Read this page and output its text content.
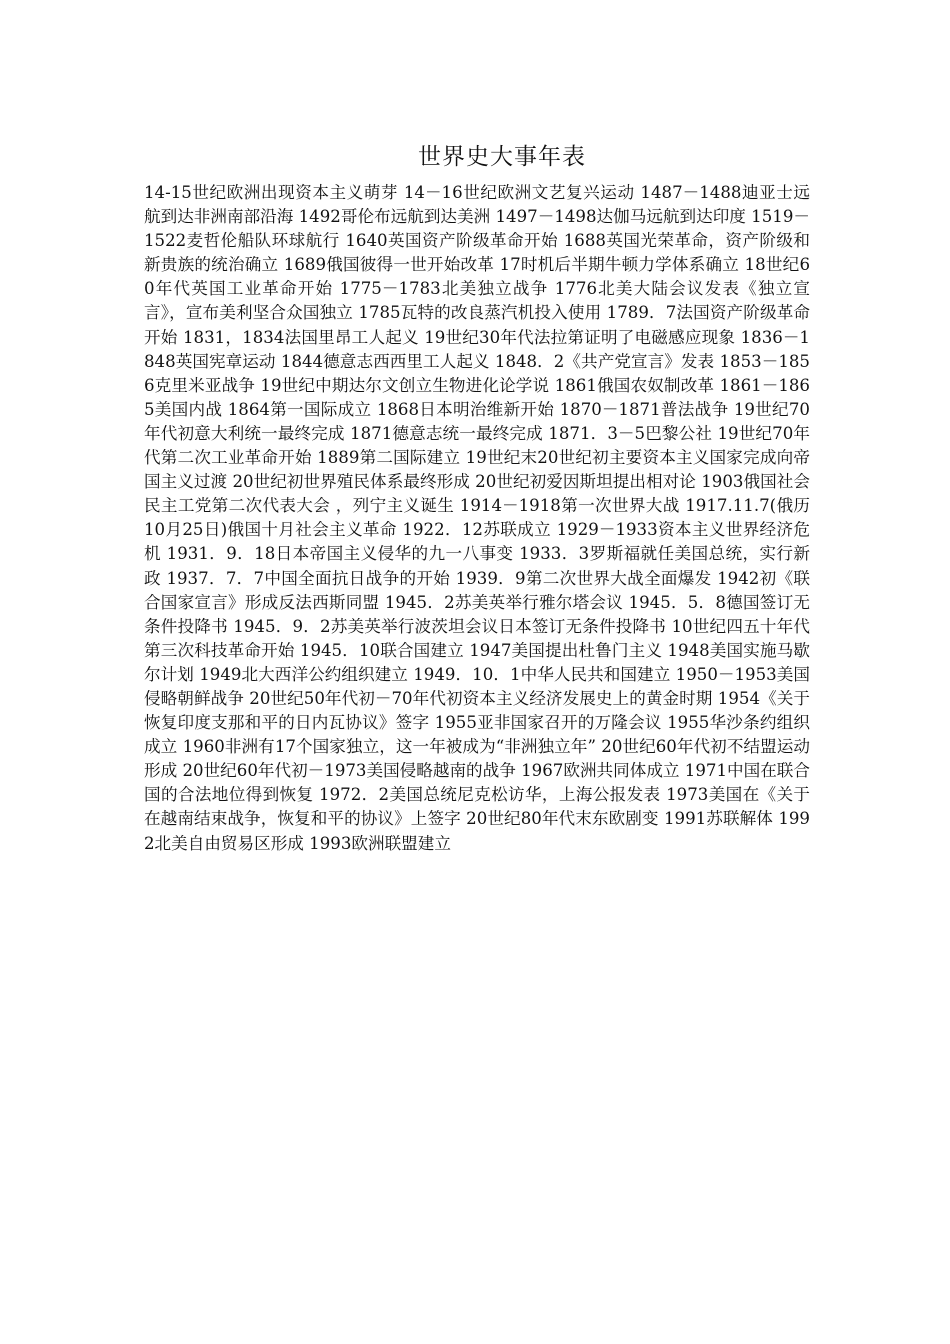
世界史大事年表

14-15世纪欧洲出现资本主义萌芽 14－16世纪欧洲文艺复兴运动 1487－1488迪亚士远航到达非洲南部沿海 1492哥伦布远航到达美洲 1497－1498达伽马远航到达印度 1519－1522麦哲伦船队环球航行 1640英国资产阶级革命开始 1688英国光荣革命，资产阶级和新贵族的统治确立 1689俄国彼得一世开始改革 17时机后半期牛顿力学体系确立 18世纪60年代英国工业革命开始 1775－1783北美独立战争 1776北美大陆会议发表《独立宣言》，宣布美利坚合众国独立 1785瓦特的改良蒸汽机投入使用 1789．7法国资产阶级革命开始 1831，1834法国里昂工人起义 19世纪30年代法拉第证明了电磁感应现象 1836－1848英国宪章运动 1844德意志西西里工人起义 1848．2《共产党宣言》发表 1853－1856克里米亚战争 19世纪中期达尔文创立生物进化论学说 1861俄国农奴制改革 1861－1865美国内战 1864第一国际成立 1868日本明治维新开始 1870－1871普法战争 19世纪70年代初意大利统一最终完成 1871德意志统一最终完成 1871．3－5巴黎公社 19世纪70年代第二次工业革命开始 1889第二国际建立 19世纪末20世纪初主要资本主义国家完成向帝国主义过渡 20世纪初世界殖民体系最终形成 20世纪初爱因斯坦提出相对论 1903俄国社会民主工党第二次代表大会 ，列宁主义诞生 1914－1918第一次世界大战 1917.11.7(俄历10月25日)俄国十月社会主义革命 1922．12苏联成立 1929－1933资本主义世界经济危机 1931．9．18日本帝国主义侵华的九一八事变 1933．3罗斯福就任美国总统，实行新政 1937．7．7中国全面抗日战争的开始 1939．9第二次世界大战全面爆发 1942初《联合国家宣言》形成反法西斯同盟 1945．2苏美英举行雅尔塔会议 1945．5．8德国签订无条件投降书 1945．9．2苏美英举行波茨坦会议日本签订无条件投降书 10世纪四五十年代第三次科技革命开始 1945．10联合国建立 1947美国提出杜鲁门主义 1948美国实施马歇尔计划 1949北大西洋公约组织建立 1949．10．1中华人民共和国建立 1950－1953美国侵略朝鲜战争 20世纪50年代初－70年代初资本主义经济发展史上的黄金时期 1954《关于恢复印度支那和平的日内瓦协议》签字 1955亚非国家召开的万隆会议 1955华沙条约组织成立 1960非洲有17个国家独立，这一年被成为“非洲独立年” 20世纪60年代初不结盟运动形成 20世纪60年代初－1973美国侵略越南的战争 1967欧洲共同体成立 1971中国在联合国的合法地位得到恢复 1972．2美国总统尼克松访华，上海公报发表 1973美国在《关于在越南结束战争，恢复和平的协议》上签字 20世纪80年代末东欧剧变 1991苏联解体 1992北美自由贸易区形成 1993欧洲联盟建立
